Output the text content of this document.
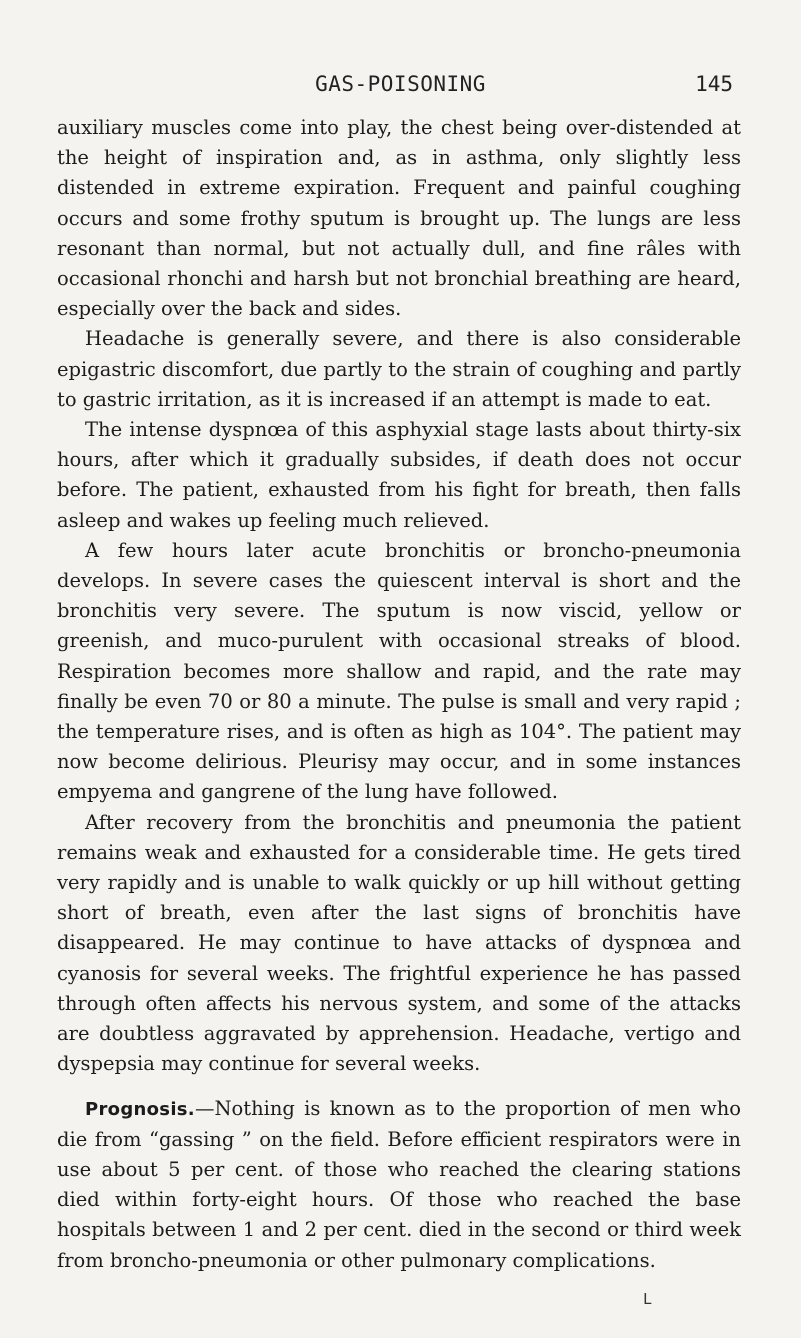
GAS-POISONING	145

auxiliary muscles come into play, the chest being over-distended at the height of inspiration and, as in asthma, only slightly less distended in extreme expiration. Frequent and painful coughing occurs and some frothy sputum is brought up. The lungs are less resonant than normal, but not actually dull, and fine râles with occasional rhonchi and harsh but not bronchial breathing are heard, especially over the back and sides.

Headache is generally severe, and there is also considerable epigastric discomfort, due partly to the strain of coughing and partly to gastric irritation, as it is increased if an attempt is made to eat.

The intense dyspnœa of this asphyxial stage lasts about thirty-six hours, after which it gradually subsides, if death does not occur before. The patient, exhausted from his fight for breath, then falls asleep and wakes up feeling much relieved.

A few hours later acute bronchitis or broncho-pneumonia develops. In severe cases the quiescent interval is short and the bronchitis very severe. The sputum is now viscid, yellow or greenish, and muco-purulent with occasional streaks of blood. Respiration becomes more shallow and rapid, and the rate may finally be even 70 or 80 a minute. The pulse is small and very rapid ; the temperature rises, and is often as high as 104°. The patient may now become delirious. Pleurisy may occur, and in some instances empyema and gangrene of the lung have followed.

After recovery from the bronchitis and pneumonia the patient remains weak and exhausted for a considerable time. He gets tired very rapidly and is unable to walk quickly or up hill without getting short of breath, even after the last signs of bronchitis have disappeared. He may continue to have attacks of dyspnœa and cyanosis for several weeks. The frightful experience he has passed through often affects his nervous system, and some of the attacks are doubtless aggravated by apprehension. Headache, vertigo and dyspepsia may continue for several weeks.

Prognosis.—Nothing is known as to the proportion of men who die from “gassing ” on the field. Before efficient respirators were in use about 5 per cent. of those who reached the clearing stations died within forty-eight hours. Of those who reached the base hospitals between 1 and 2 per cent. died in the second or third week from broncho-pneumonia or other pulmonary complications.

L
